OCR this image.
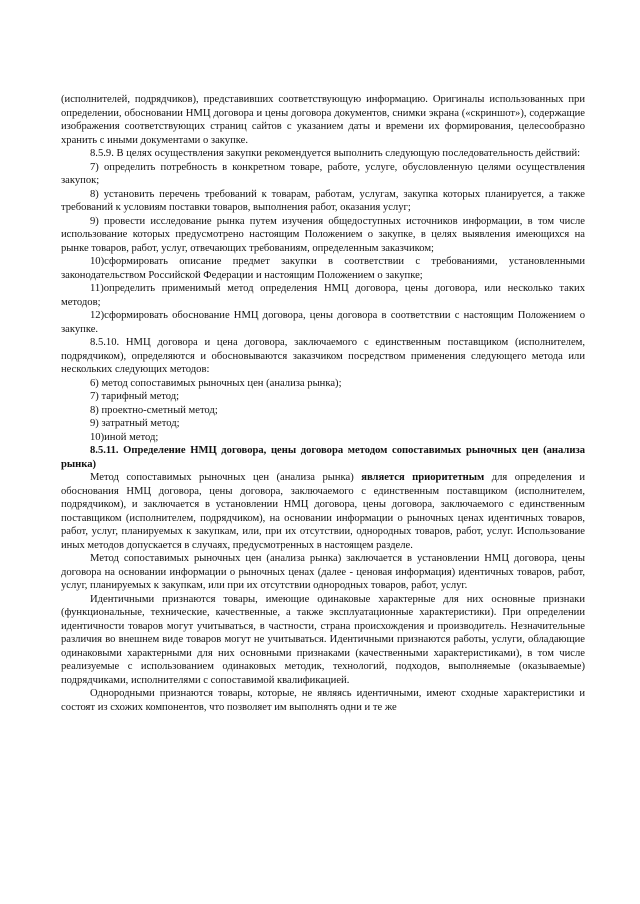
(исполнителей, подрядчиков), представивших соответствующую информацию. Оригиналы использованных при определении, обосновании НМЦ договора и цены договора документов, снимки экрана («скриншот»), содержащие изображения соответствующих страниц сайтов с указанием даты и времени их формирования, целесообразно хранить с иными документами о закупке.

8.5.9. В целях осуществления закупки рекомендуется выполнить следующую последовательность действий:

7) определить потребность в конкретном товаре, работе, услуге, обусловленную целями осуществления закупок;

8) установить перечень требований к товарам, работам, услугам, закупка которых планируется, а также требований к условиям поставки товаров, выполнения работ, оказания услуг;

9) провести исследование рынка путем изучения общедоступных источников информации, в том числе использование которых предусмотрено настоящим Положением о закупке, в целях выявления имеющихся на рынке товаров, работ, услуг, отвечающих требованиям, определенным заказчиком;

10)сформировать описание предмет закупки в соответствии с требованиями, установленными законодательством Российской Федерации и настоящим Положением о закупке;

11)определить применимый метод определения НМЦ договора, цены договора, или несколько таких методов;

12)сформировать обоснование НМЦ договора, цены договора в соответствии с настоящим Положением о закупке.

8.5.10. НМЦ договора и цена договора, заключаемого с единственным поставщиком (исполнителем, подрядчиком), определяются и обосновываются заказчиком посредством применения следующего метода или нескольких следующих методов:

6) метод сопоставимых рыночных цен (анализа рынка);

7) тарифный метод;

8) проектно-сметный метод;

9) затратный метод;

10)иной метод;

8.5.11. Определение НМЦ договора, цены договора методом сопоставимых рыночных цен (анализа рынка)

Метод сопоставимых рыночных цен (анализа рынка) является приоритетным для определения и обоснования НМЦ договора, цены договора, заключаемого с единственным поставщиком (исполнителем, подрядчиком), и заключается в установлении НМЦ договора, цены договора, заключаемого с единственным поставщиком (исполнителем, подрядчиком), на основании информации о рыночных ценах идентичных товаров, работ, услуг, планируемых к закупкам, или, при их отсутствии, однородных товаров, работ, услуг. Использование иных методов допускается в случаях, предусмотренных в настоящем разделе.

Метод сопоставимых рыночных цен (анализа рынка) заключается в установлении НМЦ договора, цены договора на основании информации о рыночных ценах (далее - ценовая информация) идентичных товаров, работ, услуг, планируемых к закупкам, или при их отсутствии однородных товаров, работ, услуг.

Идентичными признаются товары, имеющие одинаковые характерные для них основные признаки (функциональные, технические, качественные, а также эксплуатационные характеристики). При определении идентичности товаров могут учитываться, в частности, страна происхождения и производитель. Незначительные различия во внешнем виде товаров могут не учитываться. Идентичными признаются работы, услуги, обладающие одинаковыми характерными для них основными признаками (качественными характеристиками), в том числе реализуемые с использованием одинаковых методик, технологий, подходов, выполняемые (оказываемые) подрядчиками, исполнителями с сопоставимой квалификацией.

Однородными признаются товары, которые, не являясь идентичными, имеют сходные характеристики и состоят из схожих компонентов, что позволяет им выполнять одни и те же
